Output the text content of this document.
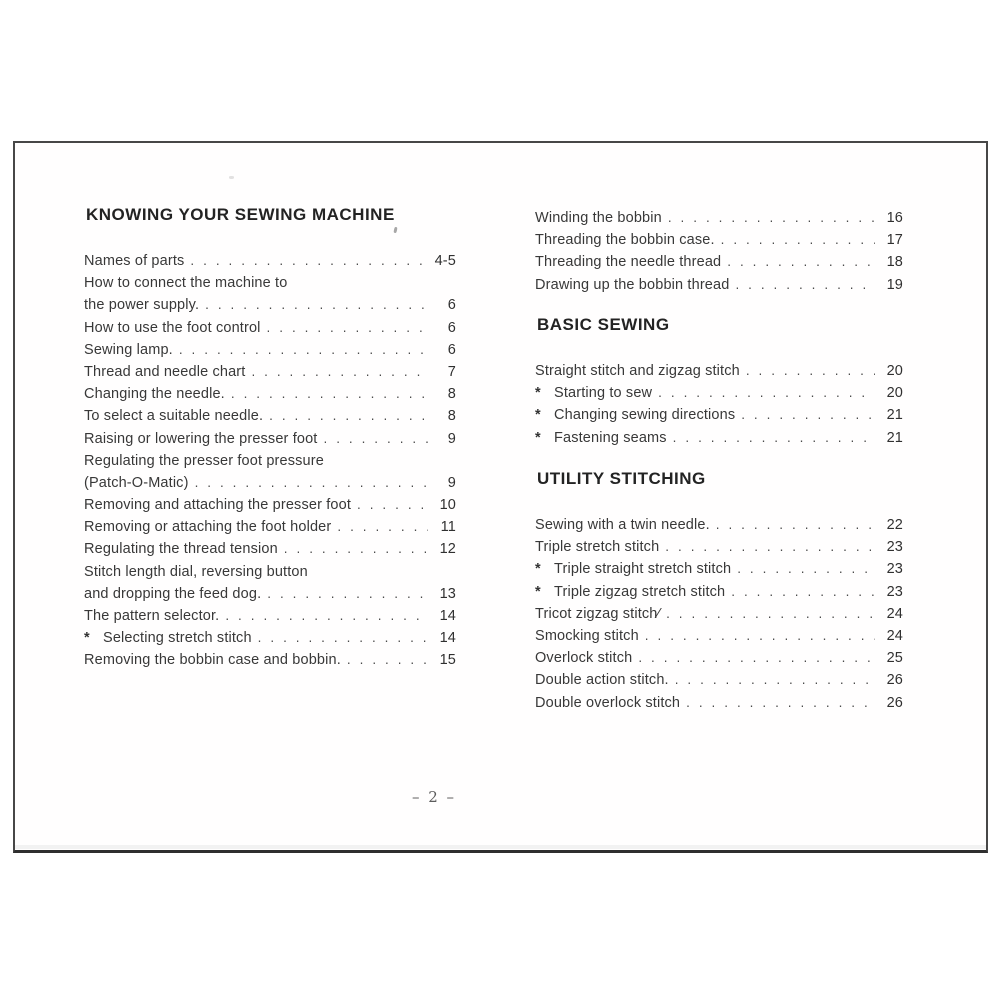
KNOWING YOUR SEWING MACHINE
Names of parts . . .	4-5
How to connect the machine to
the power supply. . . .	6
How to use the foot control . . .	6
Sewing lamp. . . .	6
Thread and needle chart . . .	7
Changing the needle. . . .	8
To select a suitable needle. . . .	8
Raising or lowering the presser foot . . .	9
Regulating the presser foot pressure
(Patch-O-Matic) . . .	9
Removing and attaching the presser foot . . .	10
Removing or attaching the foot holder . . .	11
Regulating the thread tension . . .	12
Stitch length dial, reversing button
and dropping the feed dog. . . .	13
The pattern selector. . . .	14
* Selecting stretch stitch . . .	14
Removing the bobbin case and bobbin. . . .	15
Winding the bobbin . . .	16
Threading the bobbin case. . . .	17
Threading the needle thread . . .	18
Drawing up the bobbin thread . . .	19
BASIC SEWING
Straight stitch and zigzag stitch . . .	20
* Starting to sew . . .	20
* Changing sewing directions . . .	21
* Fastening seams . . .	21
UTILITY STITCHING
Sewing with a twin needle. . . .	22
Triple stretch stitch . . .	23
* Triple straight stretch stitch . . .	23
* Triple zigzag stretch stitch . . .	23
Tricot zigzag stitch⁄ . . .	24
Smocking stitch . . .	24
Overlock stitch . . .	25
Double action stitch. . . .	26
Double overlock stitch . . .	26
– 2 –
